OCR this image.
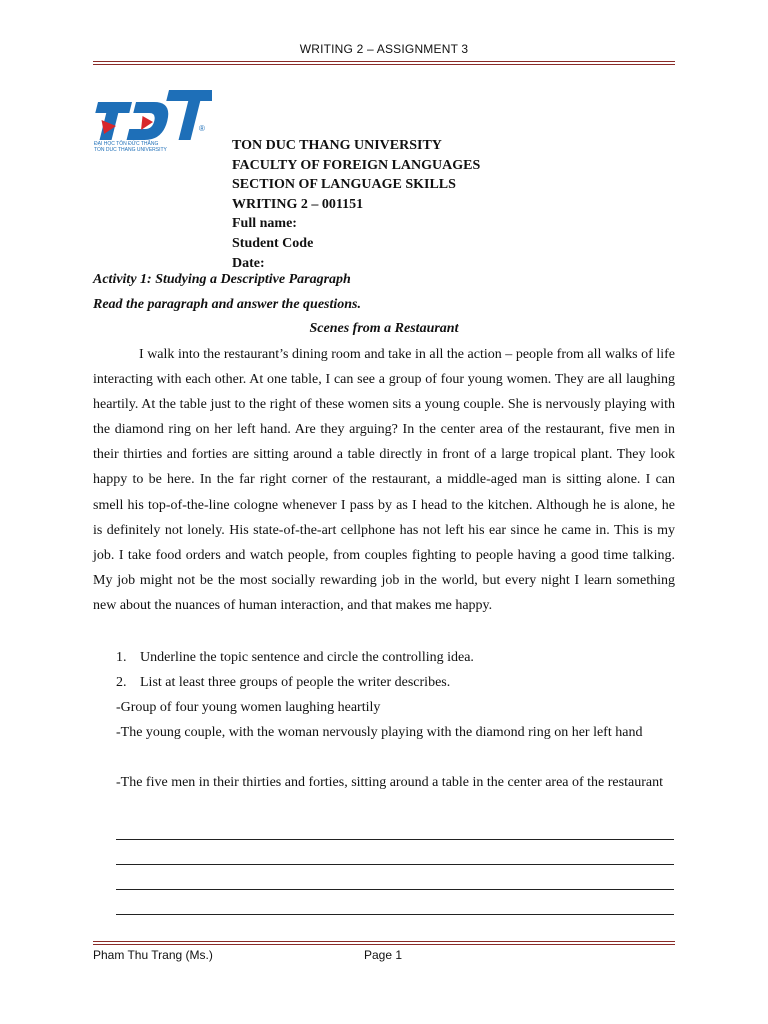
WRITING 2 – ASSIGNMENT 3
®
ĐẠI HỌC TÔN ĐỨC THẮNG
TON DUC THANG UNIVERSITY	TON DUC THANG UNIVERSITY
FACULTY OF FOREIGN LANGUAGES
SECTION OF LANGUAGE SKILLS
WRITING 2 – 001151
Full name:
Student Code
Date:
Activity 1: Studying a Descriptive Paragraph
Read the paragraph and answer the questions.
Scenes from a Restaurant

I walk into the restaurant’s dining room and take in all the action – people from all walks of life interacting with each other. At one table, I can see a group of four young women. They are all laughing heartily. At the table just to the right of these women sits a young couple. She is nervously playing with the diamond ring on her left hand. Are they arguing? In the center area of the restaurant, five men in their thirties and forties are sitting around a table directly in front of a large tropical plant. They look happy to be here. In the far right corner of the restaurant, a middle-aged man is sitting alone. I can smell his top-of-the-line cologne whenever I pass by as I head to the kitchen. Although he is alone, he is definitely not lonely. His state-of-the-art cellphone has not left his ear since he came in. This is my job. I take food orders and watch people, from couples fighting to people having a good time talking. My job might not be the most socially rewarding job in the world, but every night I learn something new about the nuances of human interaction, and that makes me happy.

1. Underline the topic sentence and circle the controlling idea.
2. List at least three groups of people the writer describes.
-Group of four young women laughing heartily
-The young couple, with the woman nervously playing with the diamond ring on her left hand
-The five men in their thirties and forties, sitting around a table in the center area of the restaurant
Pham Thu Trang (Ms.)	Page 1
